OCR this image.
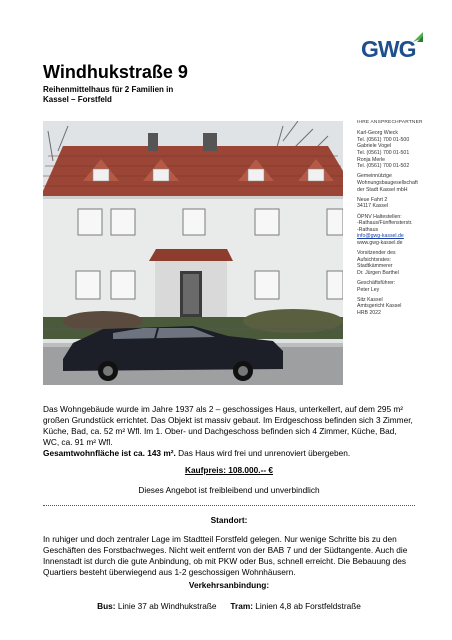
GWG
Windhukstraße 9
Reihenmittelhaus für 2 Familien in
Kassel – Forstfeld

IHRE ANSPRECHPARTNER

Karl-Georg Wieck
Tel. (0561) 700 01-500
Gabriele Vogel
Tel. (0561) 700 01-501
Ronja Merle
Tel. (0561) 700 01-502

Gemeinnützige
Wohnungsbaugesellschaft
der Stadt Kassel mbH

Neue Fahrt 2
34117 Kassel

ÖPNV Haltestellen:
-Rathaus/Fünffensterstr.
-Rathaus
info@gwg-kassel.de
www.gwg-kassel.de

Vorsitzender des
Aufsichtsrates:
Stadtkämmerer
Dr. Jürgen Barthel

Geschäftsführer:
Peter Ley

Sitz Kassel
Amtsgericht Kassel
HRB 2022

Das Wohngebäude wurde im Jahre 1937 als 2 – geschossiges Haus, unterkellert, auf dem 295 m² großen Grundstück errichtet. Das Objekt ist massiv gebaut. Im Erdgeschoss befinden sich 3 Zimmer, Küche, Bad, ca. 52 m² Wfl. Im 1. Ober- und Dachgeschoss befinden sich 4 Zimmer, Küche, Bad, WC, ca. 91 m² Wfl.
Gesamtwohnfläche ist ca. 143 m². Das Haus wird frei und unrenoviert übergeben.
Kaufpreis: 108.000.-- €
Dieses Angebot ist freibleibend und unverbindlich
Standort:
In ruhiger und doch zentraler Lage im Stadtteil Forstfeld gelegen. Nur wenige Schritte bis zu den Geschäften des Forstbachweges. Nicht weit entfernt von der BAB 7 und der Südtangente. Auch die Innenstadt ist durch die gute Anbindung, ob mit PKW oder Bus, schnell erreicht. Die Bebauung des Quartiers besteht überwiegend aus 1-2 geschossigen Wohnhäusern.
Verkehrsanbindung:
Bus: Linie 37 ab Windhukstraße Tram: Linien 4,8 ab Forstfeldstraße
